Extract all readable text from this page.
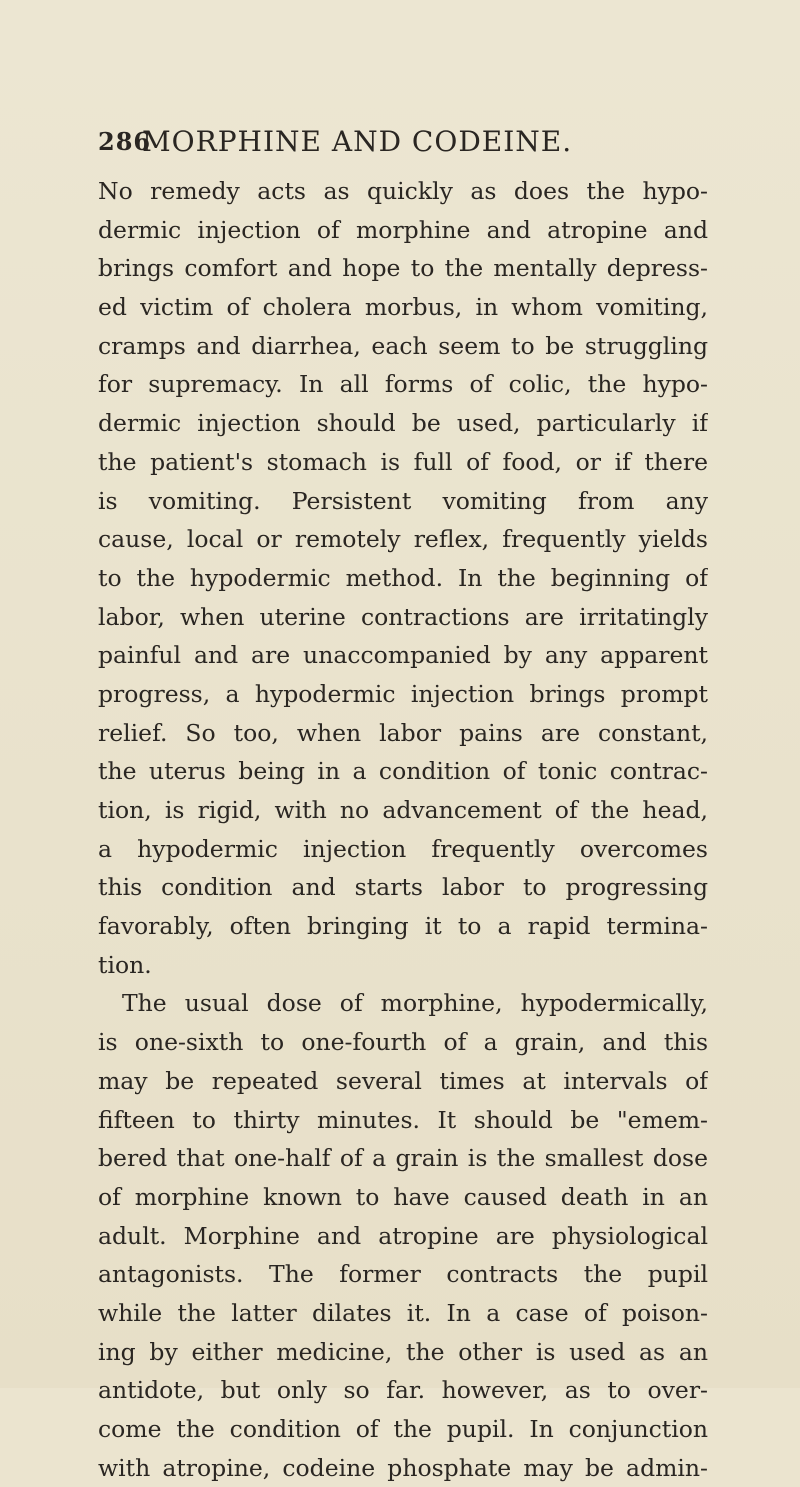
286
MORPHINE AND CODEINE.
No remedy acts as quickly as does the hypo-
dermic injection of morphine and atropine and
brings comfort and hope to the mentally depress-
ed victim of cholera morbus, in whom vomiting,
cramps and diarrhea, each seem to be struggling
for supremacy. In all forms of colic, the hypo-
dermic injection should be used, particularly if
the patient's stomach is full of food, or if there
is vomiting. Persistent vomiting from any
cause, local or remotely reflex, frequently yields
to the hypodermic method. In the beginning of
labor, when uterine contractions are irritatingly
painful and are unaccompanied by any apparent
progress, a hypodermic injection brings prompt
relief. So too, when labor pains are constant,
the uterus being in a condition of tonic contrac-
tion, is rigid, with no advancement of the head,
a hypodermic injection frequently overcomes
this condition and starts labor to progressing
favorably, often bringing it to a rapid termina-
tion.
The usual dose of morphine, hypodermically,
is one-sixth to one-fourth of a grain, and this
may be repeated several times at intervals of
fifteen to thirty minutes. It should be "emem-
bered that one-half of a grain is the smallest dose
of morphine known to have caused death in an
adult. Morphine and atropine are physiological
antagonists. The former contracts the pupil
while the latter dilates it. In a case of poison-
ing by either medicine, the other is used as an
antidote, but only so far. however, as to over-
come the condition of the pupil. In conjunction
with atropine, codeine phosphate may be admin-
